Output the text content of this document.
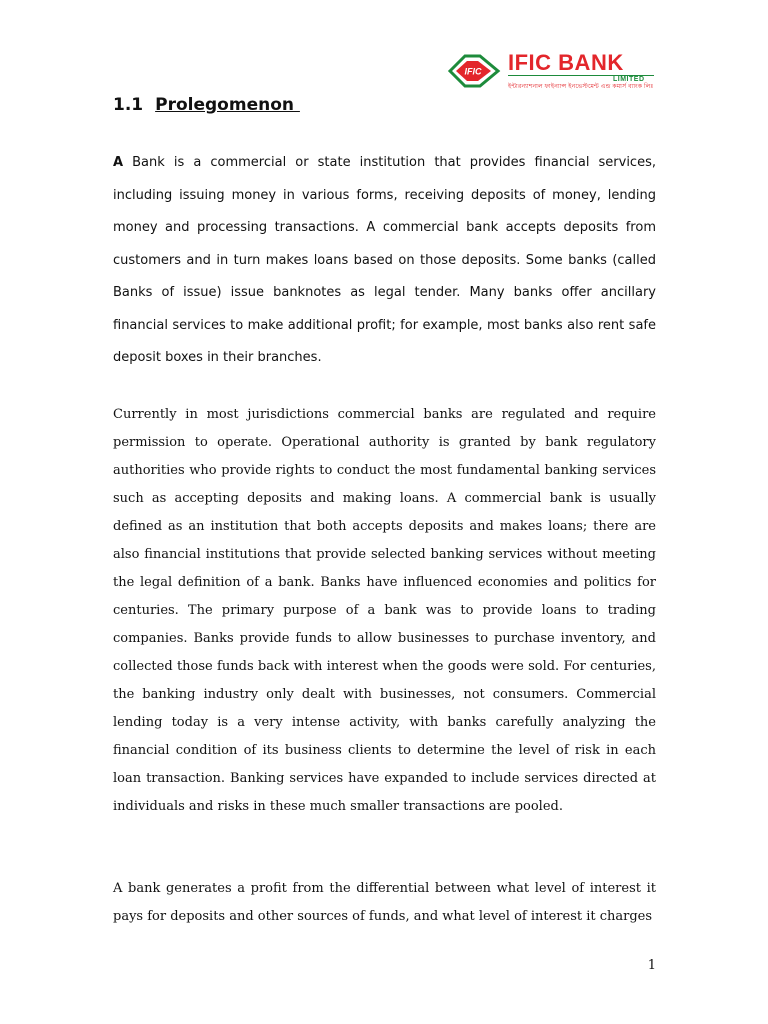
IFIC IFIC BANK
LIMITED
ইন্টারন্যাশনাল ফাইন্যান্স ইনভেস্টমেন্ট এন্ড কমার্স ব্যাংক লিঃ
1.1 Prolegomenon

A Bank is a commercial or state institution that provides financial services, including issuing money in various forms, receiving deposits of money, lending money and processing transactions. A commercial bank accepts deposits from customers and in turn makes loans based on those deposits. Some banks (called Banks of issue) issue banknotes as legal tender. Many banks offer ancillary financial services to make additional profit; for example, most banks also rent safe deposit boxes in their branches.

Currently in most jurisdictions commercial banks are regulated and require permission to operate. Operational authority is granted by bank regulatory authorities who provide rights to conduct the most fundamental banking services such as accepting deposits and making loans. A commercial bank is usually defined as an institution that both accepts deposits and makes loans; there are also financial institutions that provide selected banking services without meeting the legal definition of a bank. Banks have influenced economies and politics for centuries. The primary purpose of a bank was to provide loans to trading companies. Banks provide funds to allow businesses to purchase inventory, and collected those funds back with interest when the goods were sold. For centuries, the banking industry only dealt with businesses, not consumers. Commercial lending today is a very intense activity, with banks carefully analyzing the financial condition of its business clients to determine the level of risk in each loan transaction. Banking services have expanded to include services directed at individuals and risks in these much smaller transactions are pooled.

A bank generates a profit from the differential between what level of interest it pays for deposits and other sources of funds, and what level of interest it charges

1
